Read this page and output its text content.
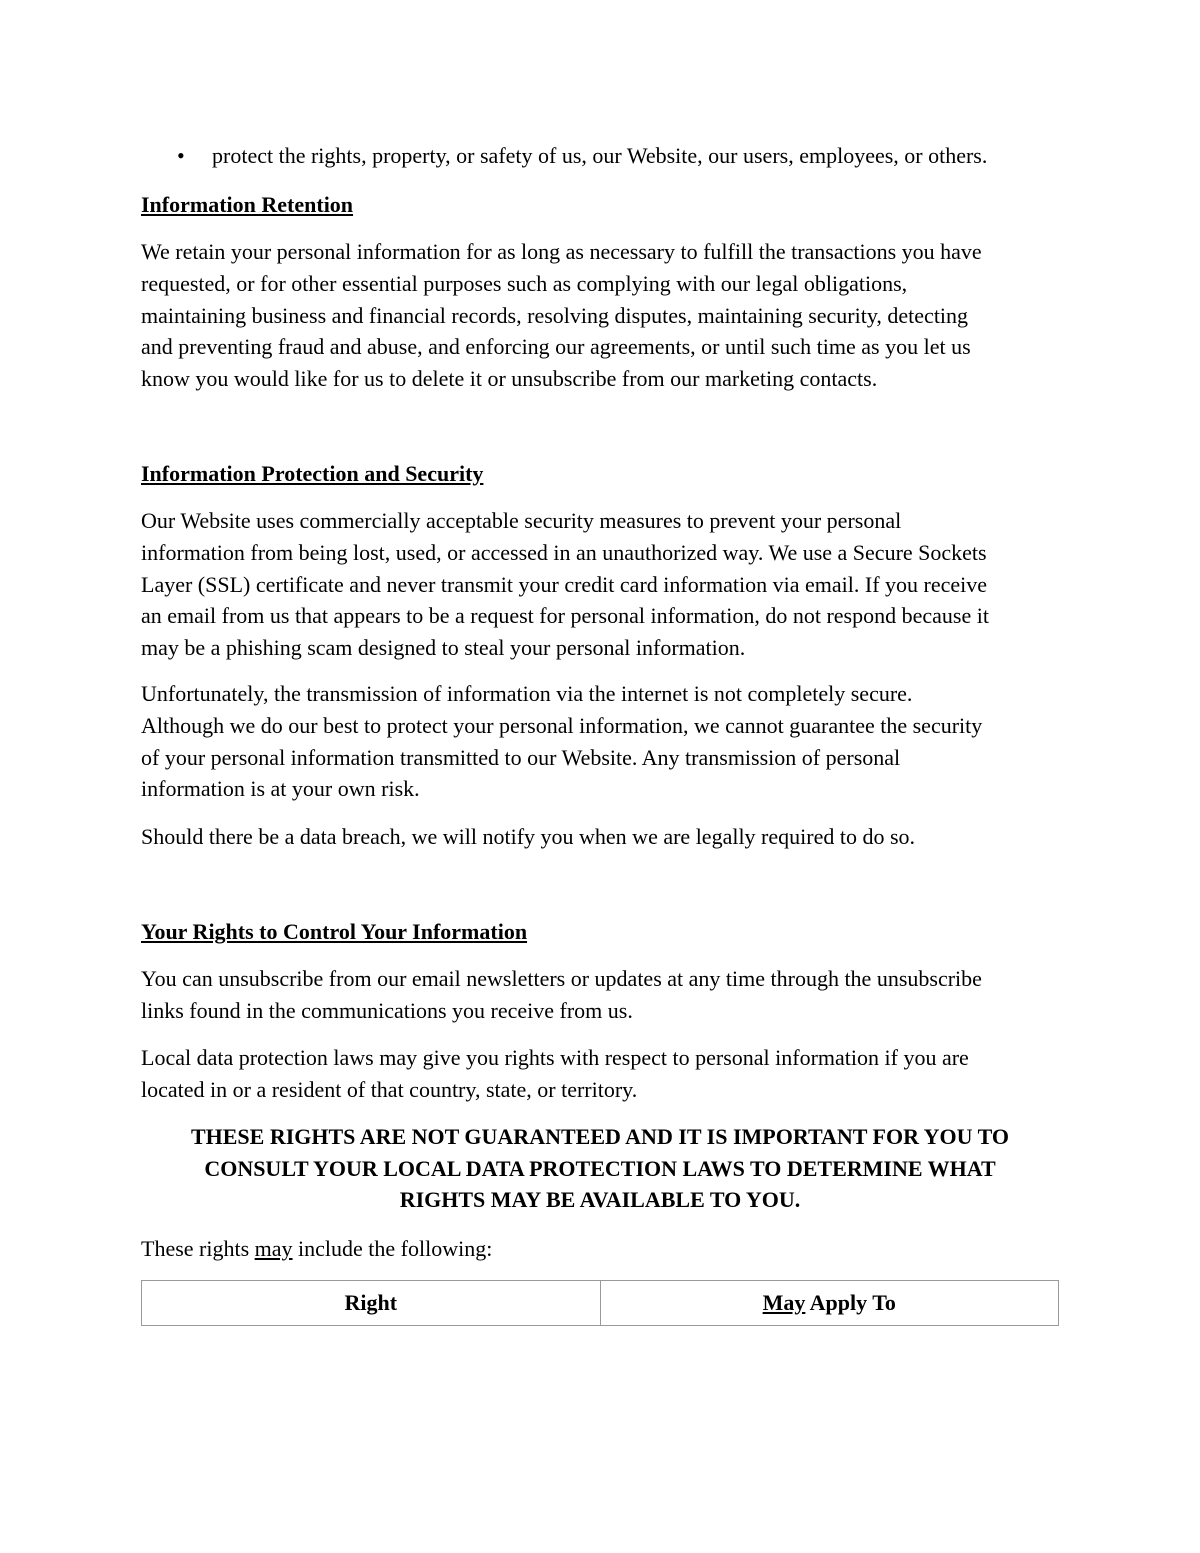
• protect the rights, property, or safety of us, our Website, our users, employees, or others.
Information Retention
We retain your personal information for as long as necessary to fulfill the transactions you have
requested, or for other essential purposes such as complying with our legal obligations,
maintaining business and financial records, resolving disputes, maintaining security, detecting
and preventing fraud and abuse, and enforcing our agreements, or until such time as you let us
know you would like for us to delete it or unsubscribe from our marketing contacts.
Information Protection and Security
Our Website uses commercially acceptable security measures to prevent your personal
information from being lost, used, or accessed in an unauthorized way. We use a Secure Sockets
Layer (SSL) certificate and never transmit your credit card information via email. If you receive
an email from us that appears to be a request for personal information, do not respond because it
may be a phishing scam designed to steal your personal information.
Unfortunately, the transmission of information via the internet is not completely secure.
Although we do our best to protect your personal information, we cannot guarantee the security
of your personal information transmitted to our Website. Any transmission of personal
information is at your own risk.
Should there be a data breach, we will notify you when we are legally required to do so.
Your Rights to Control Your Information
You can unsubscribe from our email newsletters or updates at any time through the unsubscribe
links found in the communications you receive from us.
Local data protection laws may give you rights with respect to personal information if you are
located in or a resident of that country, state, or territory.
THESE RIGHTS ARE NOT GUARANTEED AND IT IS IMPORTANT FOR YOU TO
CONSULT YOUR LOCAL DATA PROTECTION LAWS TO DETERMINE WHAT
RIGHTS MAY BE AVAILABLE TO YOU.
These rights may include the following:
Right	May Apply To
